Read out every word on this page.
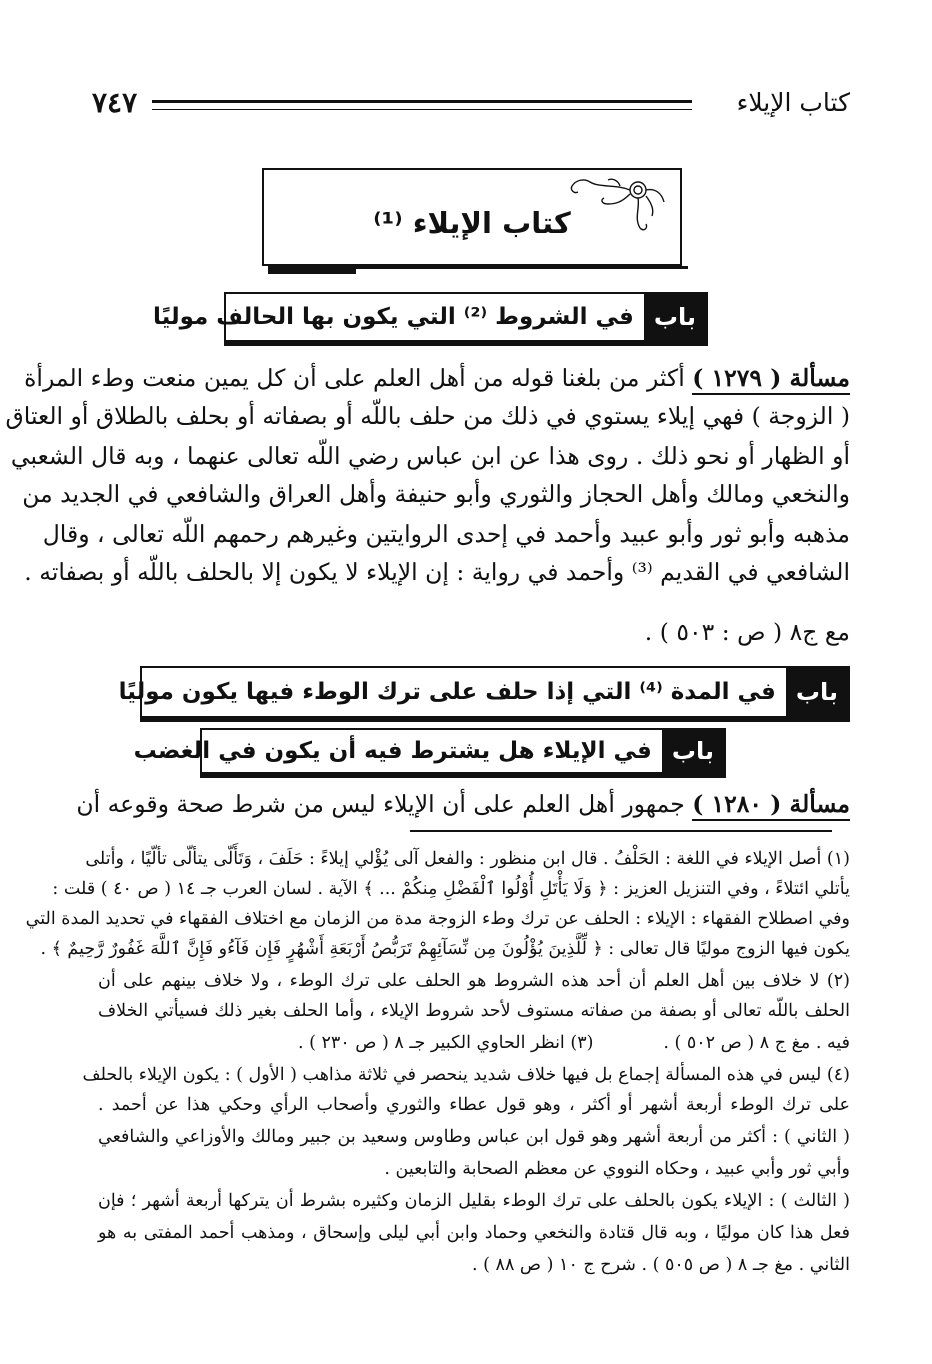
كتاب الإيلاء
٧٤٧
كتاب الإيلاء ⁽¹⁾
باب
في الشروط ⁽²⁾ التي يكون بها الحالف موليًا
مسألة ( ١٢٧٩ ) أكثر من بلغنا قوله من أهل العلم على أن كل يمين منعت وطء المرأة
( الزوجة ) فهي إيلاء يستوي في ذلك من حلف باللّه أو بصفاته أو بحلف بالطلاق أو العتاق
أو الظهار أو نحو ذلك . روى هذا عن ابن عباس رضي اللّه تعالى عنهما ، وبه قال الشعبي
والنخعي ومالك وأهل الحجاز والثوري وأبو حنيفة وأهل العراق والشافعي في الجديد من
مذهبه وأبو ثور وأبو عبيد وأحمد في إحدى الروايتين وغيرهم رحمهم اللّه تعالى ، وقال
الشافعي في القديم ⁽³⁾ وأحمد في رواية : إن الإيلاء لا يكون إلا بالحلف باللّه أو بصفاته .
مع ج٨ ( ص : ٥٠٣ ) .
باب
في المدة ⁽⁴⁾ التي إذا حلف على ترك الوطء فيها يكون موليًا
باب
في الإيلاء هل يشترط فيه أن يكون في الغضب
مسألة ( ١٢٨٠ ) جمهور أهل العلم على أن الإيلاء ليس من شرط صحة وقوعه أن
(١) أصل الإيلاء في اللغة : الحَلْفُ . قال ابن منظور : والفعل آلى يُؤْلي إيلاءً : حَلَفَ ، وَتَأَلّى يتألّى تألّيًا ، وأتلى
يأتلي ائتلاءً ، وفي التنزيل العزيز : ﴿ وَلَا يَأْتَلِ أُوْلُوا ٱلْفَضْلِ مِنكُمْ ... ﴾ الآية . لسان العرب جـ ١٤ ( ص ٤٠ ) قلت :
وفي اصطلاح الفقهاء : الإيلاء : الحلف عن ترك وطء الزوجة مدة من الزمان مع اختلاف الفقهاء في تحديد المدة التي
يكون فيها الزوج موليًا قال تعالى : ﴿ لِّلَّذِينَ يُؤْلُونَ مِن نِّسَآئِهِمْ تَرَبُّصُ أَرْبَعَةِ أَشْهُرٍ فَإِن فَآءُو فَإِنَّ ٱللَّهَ غَفُورٌ رَّحِيمٌ ﴾ .
(٢) لا خلاف بين أهل العلم أن أحد هذه الشروط هو الحلف على ترك الوطء ، ولا خلاف بينهم على أن
الحلف باللّه تعالى أو بصفة من صفاته مستوف لأحد شروط الإيلاء ، وأما الحلف بغير ذلك فسيأتي الخلاف
فيه . مغ ج ٨ ( ص ٥٠٢ ) .
(٣) انظر الحاوي الكبير جـ ٨ ( ص ٢٣٠ ) .
(٤) ليس في هذه المسألة إجماع بل فيها خلاف شديد ينحصر في ثلاثة مذاهب ( الأول ) : يكون الإيلاء بالحلف
على ترك الوطء أربعة أشهر أو أكثر ، وهو قول عطاء والثوري وأصحاب الرأي وحكي هذا عن أحمد .
( الثاني ) : أكثر من أربعة أشهر وهو قول ابن عباس وطاوس وسعيد بن جبير ومالك والأوزاعي والشافعي
وأبي ثور وأبي عبيد ، وحكاه النووي عن معظم الصحابة والتابعين .
( الثالث ) : الإيلاء يكون بالحلف على ترك الوطء بقليل الزمان وكثيره بشرط أن يتركها أربعة أشهر ؛ فإن
فعل هذا كان موليًا ، وبه قال قتادة والنخعي وحماد وابن أبي ليلى وإسحاق ، ومذهب أحمد المفتى به هو
الثاني . مغ جـ ٨ ( ص ٥٠٥ ) . شرح ج ١٠ ( ص ٨٨ ) .
